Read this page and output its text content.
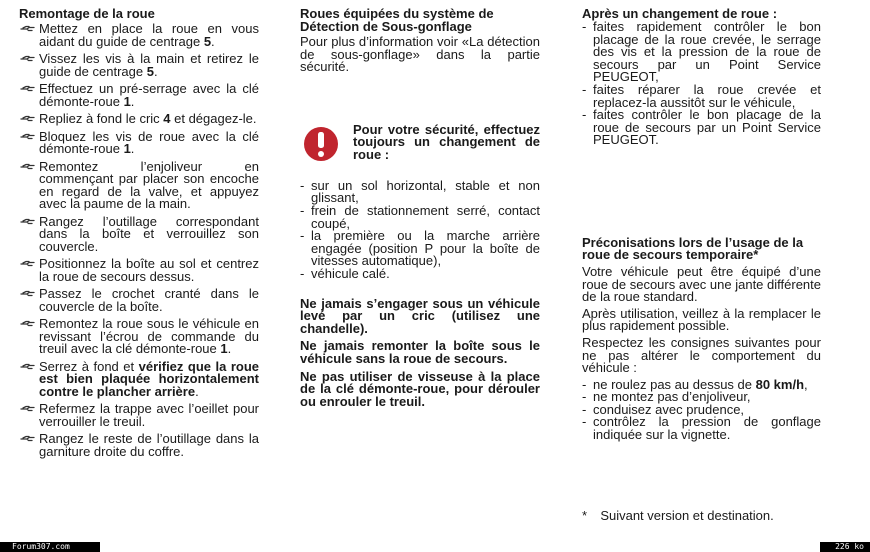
Remontage de la roue
Mettez en place la roue en vous aidant du guide de centrage 5.
Vissez les vis à la main et retirez le guide de centrage 5.
Effectuez un pré-serrage avec la clé démonte-roue 1.
Repliez à fond le cric 4 et dégagez-le.
Bloquez les vis de roue avec la clé démonte-roue 1.
Remontez l’enjoliveur en commençant par placer son encoche en regard de la valve, et appuyez avec la paume de la main.
Rangez l’outillage correspondant dans la boîte et verrouillez son couvercle.
Positionnez la boîte au sol et centrez la roue de secours dessus.
Passez le crochet cranté dans le couvercle de la boîte.
Remontez la roue sous le véhicule en revissant l’écrou de commande du treuil avec la clé démonte-roue 1.
Serrez à fond et vérifiez que la roue est bien plaquée horizontalement contre le plancher arrière.
Refermez la trappe avec l’oeillet pour verrouiller le treuil.
Rangez le reste de l’outillage dans la garniture droite du coffre.
Roues équipées du système de
Détection de Sous-gonflage

Pour plus d’information voir «La détection de sous-gonflage» dans la partie sécurité.

Pour votre sécurité, effectuez toujours un changement de roue :
- sur un sol horizontal, stable et non glissant,
- frein de stationnement serré, contact coupé,
- la première ou la marche arrière engagée (position P pour la boîte de vitesses automatique),
- véhicule calé.

Ne jamais s’engager sous un véhicule levé par un cric (utilisez une chandelle).

Ne jamais remonter la boîte sous le véhicule sans la roue de secours.

Ne pas utiliser de visseuse à la place de la clé démonte-roue, pour dérouler ou enrouler le treuil.

Après un changement de roue :
- faites rapidement contrôler le bon placage de la roue crevée, le serrage des vis et la pression de la roue de secours par un Point Service PEUGEOT,
- faites réparer la roue crevée et replacez-la aussitôt sur le véhicule,
- faites contrôler le bon placage de la roue de secours par un Point Service PEUGEOT.
Préconisations lors de l’usage de la roue de secours temporaire*

Votre véhicule peut être équipé d’une roue de secours avec une jante différente de la roue standard.

Après utilisation, veillez à la remplacer le plus rapidement possible.

Respectez les consignes suivantes pour ne pas altérer le comportement du véhicule :

- ne roulez pas au dessus de 80 km/h,
- ne montez pas d’enjoliveur,
- conduisez avec prudence,
- contrôlez la pression de gonflage indiquée sur la vignette.

* Suivant version et destination.

Forum307.com	226 ko
